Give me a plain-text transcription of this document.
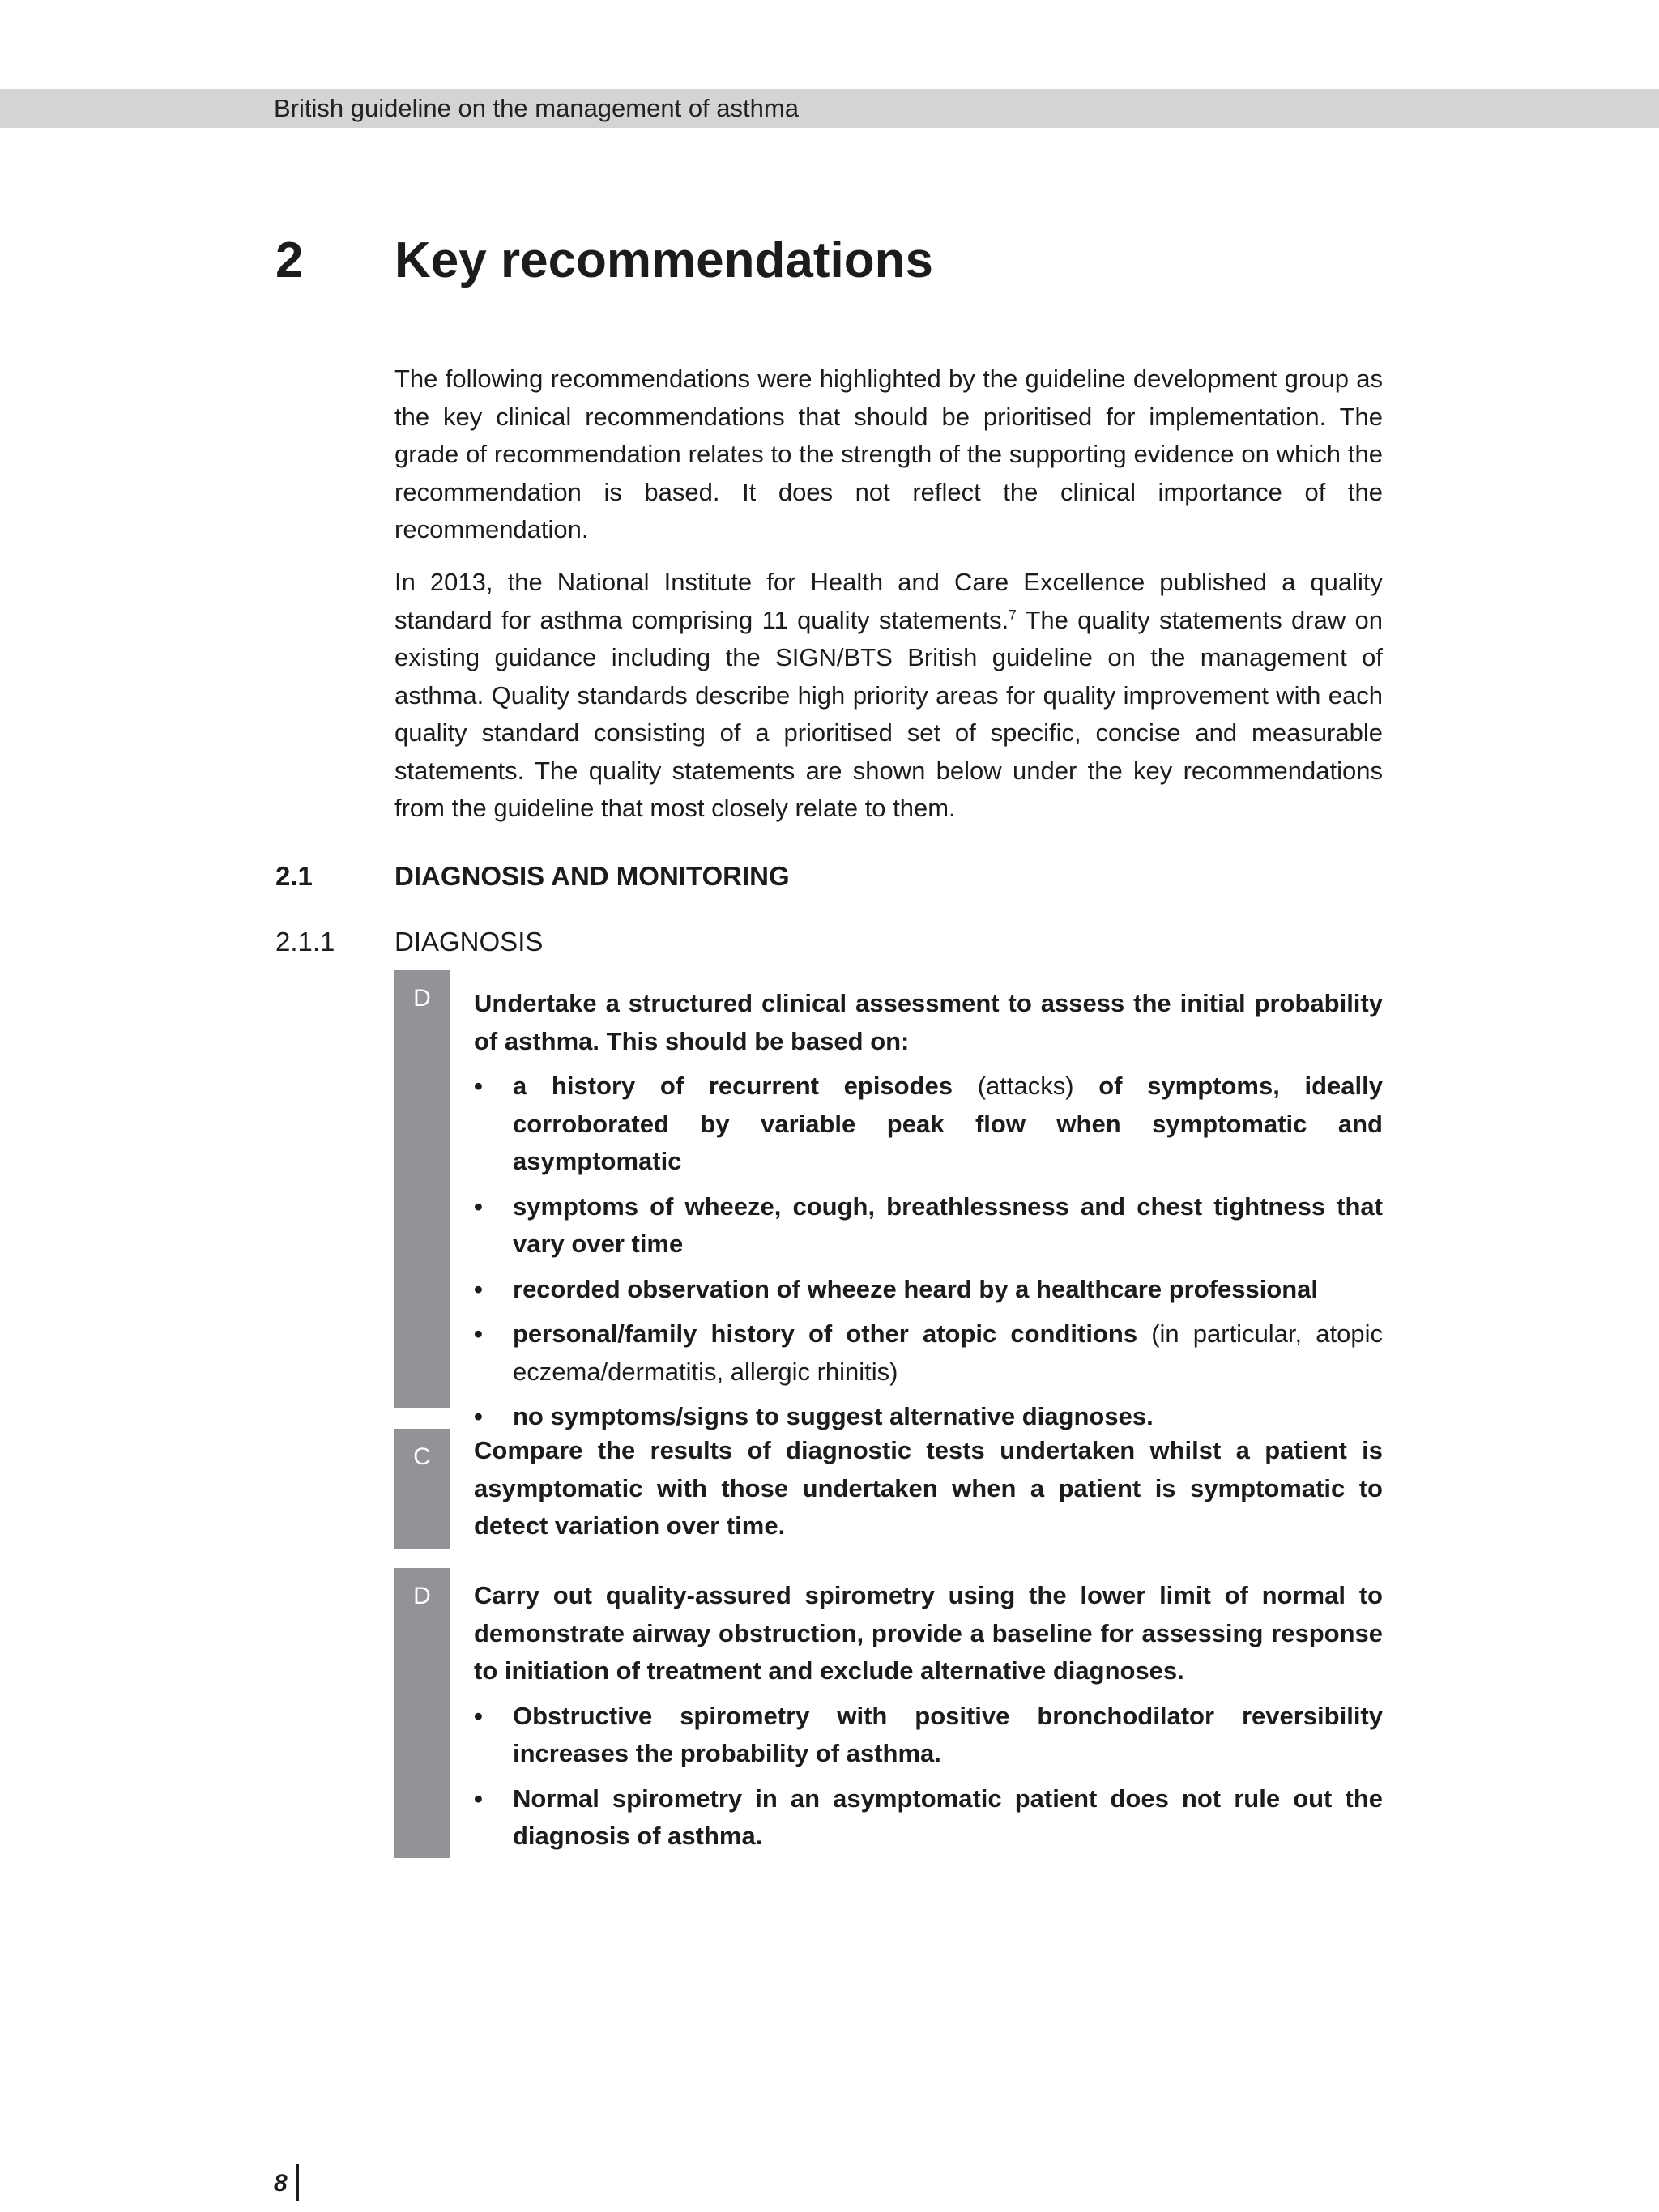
British guideline on the management of asthma
2 Key recommendations

The following recommendations were highlighted by the guideline development group as the key clinical recommendations that should be prioritised for implementation. The grade of recommendation relates to the strength of the supporting evidence on which the recommendation is based. It does not reflect the clinical importance of the recommendation.

In 2013, the National Institute for Health and Care Excellence published a quality standard for asthma comprising 11 quality statements.$^7$ The quality statements draw on existing guidance including the SIGN/BTS British guideline on the management of asthma. Quality standards describe high priority areas for quality improvement with each quality standard consisting of a prioritised set of specific, concise and measurable statements. The quality statements are shown below under the key recommendations from the guideline that most closely relate to them.

2.1	DIAGNOSIS AND MONITORING
2.1.1 DIAGNOSIS
D	Undertake a structured clinical assessment to assess the initial probability of asthma. This should be based on:

• a history of recurrent episodes (attacks) of symptoms, ideally corroborated by variable peak flow when symptomatic and asymptomatic
• symptoms of wheeze, cough, breathlessness and chest tightness that vary over time
• recorded observation of wheeze heard by a healthcare professional
• personal/family history of other atopic conditions (in particular, atopic eczema/dermatitis, allergic rhinitis)
• no symptoms/signs to suggest alternative diagnoses.
C	Compare the results of diagnostic tests undertaken whilst a patient is asymptomatic with those undertaken when a patient is symptomatic to detect variation over time.

D	Carry out quality-assured spirometry using the lower limit of normal to demonstrate airway obstruction, provide a baseline for assessing response to initiation of treatment and exclude alternative diagnoses.

• Obstructive spirometry with positive bronchodilator reversibility increases the probability of asthma.
• Normal spirometry in an asymptomatic patient does not rule out the diagnosis of asthma.
8
